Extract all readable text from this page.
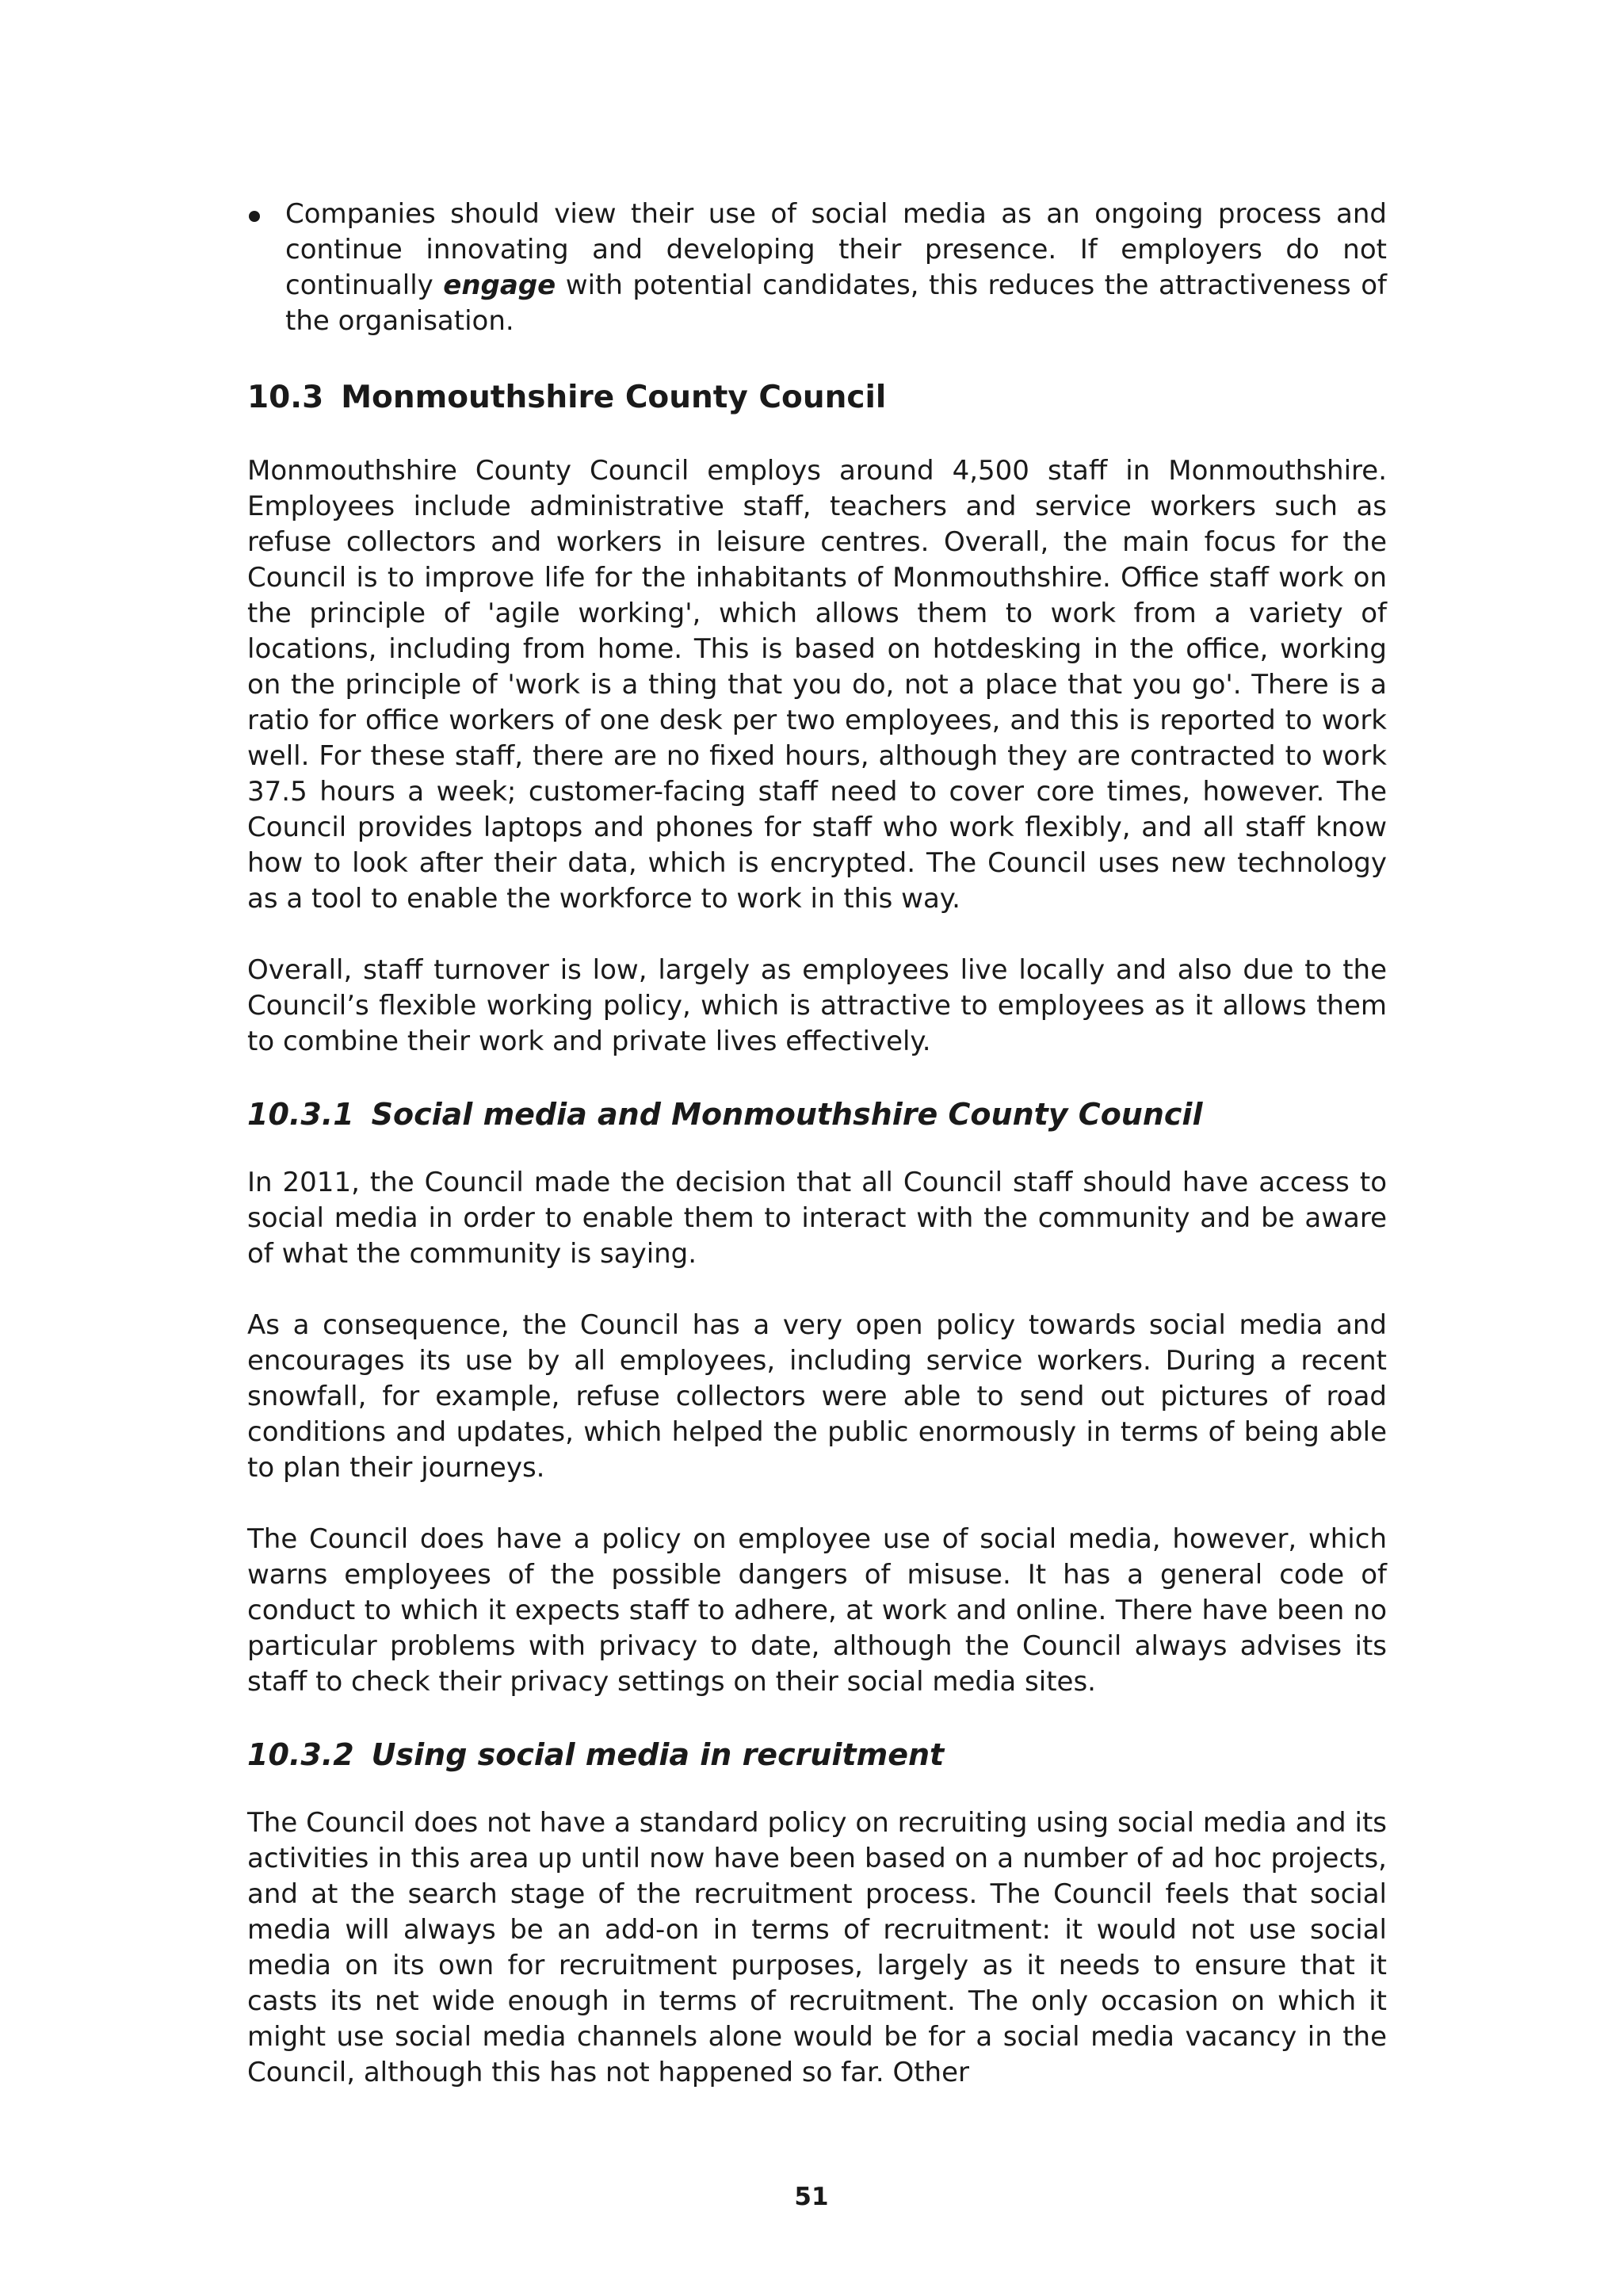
Companies should view their use of social media as an ongoing process and continue innovating and developing their presence. If employers do not continually engage with potential candidates, this reduces the attractiveness of the organisation.
10.3 Monmouthshire County Council

Monmouthshire County Council employs around 4,500 staff in Monmouthshire. Employees include administrative staff, teachers and service workers such as refuse collectors and workers in leisure centres. Overall, the main focus for the Council is to improve life for the inhabitants of Monmouthshire. Office staff work on the principle of 'agile working', which allows them to work from a variety of locations, including from home. This is based on hotdesking in the office, working on the principle of 'work is a thing that you do, not a place that you go'. There is a ratio for office workers of one desk per two employees, and this is reported to work well. For these staff, there are no fixed hours, although they are contracted to work 37.5 hours a week; customer-facing staff need to cover core times, however. The Council provides laptops and phones for staff who work flexibly, and all staff know how to look after their data, which is encrypted. The Council uses new technology as a tool to enable the workforce to work in this way.

Overall, staff turnover is low, largely as employees live locally and also due to the Council’s flexible working policy, which is attractive to employees as it allows them to combine their work and private lives effectively.

10.3.1 Social media and Monmouthshire County Council

In 2011, the Council made the decision that all Council staff should have access to social media in order to enable them to interact with the community and be aware of what the community is saying.

As a consequence, the Council has a very open policy towards social media and encourages its use by all employees, including service workers. During a recent snowfall, for example, refuse collectors were able to send out pictures of road conditions and updates, which helped the public enormously in terms of being able to plan their journeys.

The Council does have a policy on employee use of social media, however, which warns employees of the possible dangers of misuse. It has a general code of conduct to which it expects staff to adhere, at work and online. There have been no particular problems with privacy to date, although the Council always advises its staff to check their privacy settings on their social media sites.

10.3.2 Using social media in recruitment

The Council does not have a standard policy on recruiting using social media and its activities in this area up until now have been based on a number of ad hoc projects, and at the search stage of the recruitment process. The Council feels that social media will always be an add-on in terms of recruitment: it would not use social media on its own for recruitment purposes, largely as it needs to ensure that it casts its net wide enough in terms of recruitment. The only occasion on which it might use social media channels alone would be for a social media vacancy in the Council, although this has not happened so far. Other

51
